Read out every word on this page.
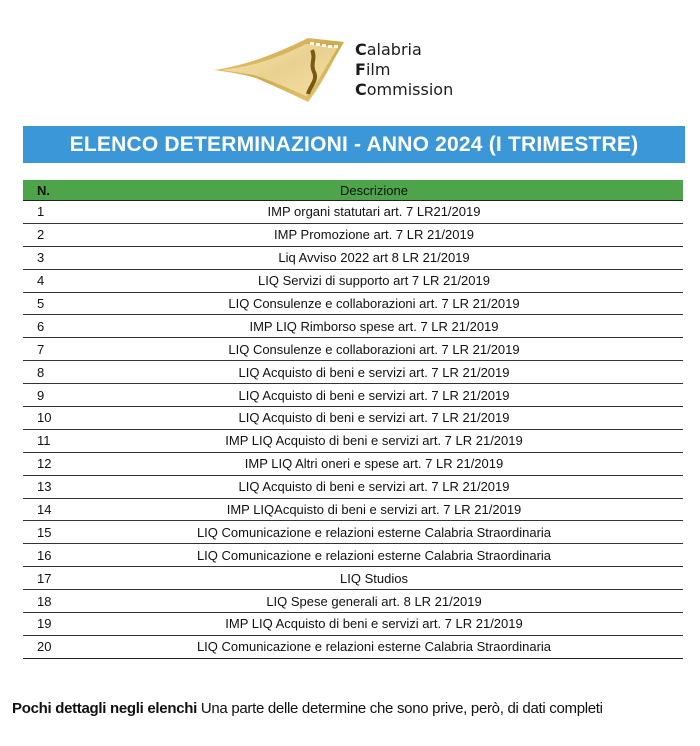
Calabria
Film
Commission
ELENCO DETERMINAZIONI - ANNO 2024 (I TRIMESTRE)
N.	Descrizione
1	IMP organi statutari art. 7 LR21/2019
2	IMP Promozione art. 7 LR 21/2019
3	Liq Avviso 2022 art 8 LR 21/2019
4	LIQ Servizi di supporto art 7 LR 21/2019
5	LIQ Consulenze e collaborazioni art. 7 LR 21/2019
6	IMP LIQ Rimborso spese art. 7 LR 21/2019
7	LIQ Consulenze e collaborazioni art. 7 LR 21/2019
8	LIQ Acquisto di beni e servizi art. 7 LR 21/2019
9	LIQ Acquisto di beni e servizi art. 7 LR 21/2019
10	LIQ Acquisto di beni e servizi art. 7 LR 21/2019
11	IMP LIQ Acquisto di beni e servizi art. 7 LR 21/2019
12	IMP LIQ Altri oneri e spese art. 7 LR 21/2019
13	LIQ Acquisto di beni e servizi art. 7 LR 21/2019
14	IMP LIQAcquisto di beni e servizi art. 7 LR 21/2019
15	LIQ Comunicazione e relazioni esterne Calabria Straordinaria
16	LIQ Comunicazione e relazioni esterne Calabria Straordinaria
17	LIQ Studios
18	LIQ Spese generali art. 8 LR 21/2019
19	IMP LIQ Acquisto di beni e servizi art. 7 LR 21/2019
20	LIQ Comunicazione e relazioni esterne Calabria Straordinaria
Pochi dettagli negli elenchi Una parte delle determine che sono prive, però, di dati completi
